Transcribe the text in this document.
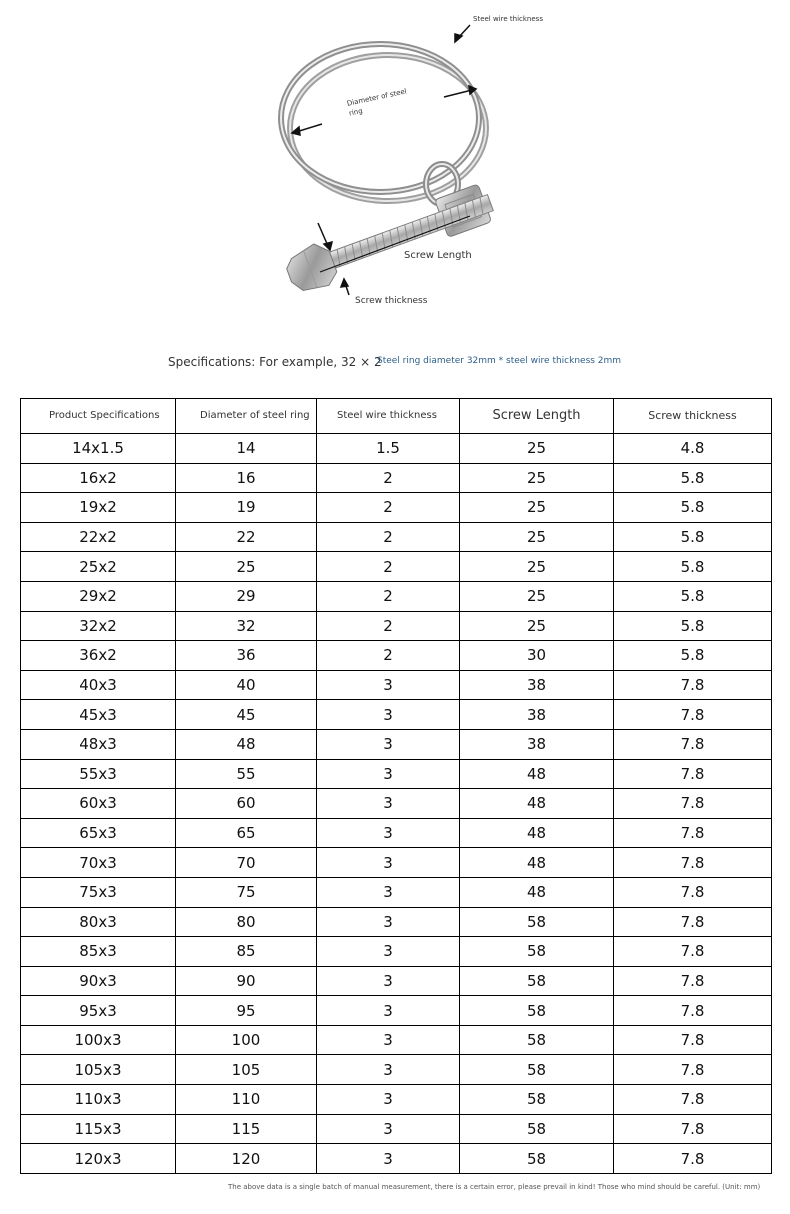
Steel wire thickness
Diameter of steel ring
Screw Length
Screw thickness
Specifications: For example, 32 × 2
Steel ring diameter 32mm * steel wire thickness 2mm
Product Specifications	Diameter of steel ring	Steel wire thickness	Screw Length	Screw thickness
14x1.5	14	1.5	25	4.8
16x2	16	2	25	5.8
19x2	19	2	25	5.8
22x2	22	2	25	5.8
25x2	25	2	25	5.8
29x2	29	2	25	5.8
32x2	32	2	25	5.8
36x2	36	2	30	5.8
40x3	40	3	38	7.8
45x3	45	3	38	7.8
48x3	48	3	38	7.8
55x3	55	3	48	7.8
60x3	60	3	48	7.8
65x3	65	3	48	7.8
70x3	70	3	48	7.8
75x3	75	3	48	7.8
80x3	80	3	58	7.8
85x3	85	3	58	7.8
90x3	90	3	58	7.8
95x3	95	3	58	7.8
100x3	100	3	58	7.8
105x3	105	3	58	7.8
110x3	110	3	58	7.8
115x3	115	3	58	7.8
120x3	120	3	58	7.8
The above data is a single batch of manual measurement, there is a certain error, please prevail in kind! Those who mind should be careful. (Unit: mm)
